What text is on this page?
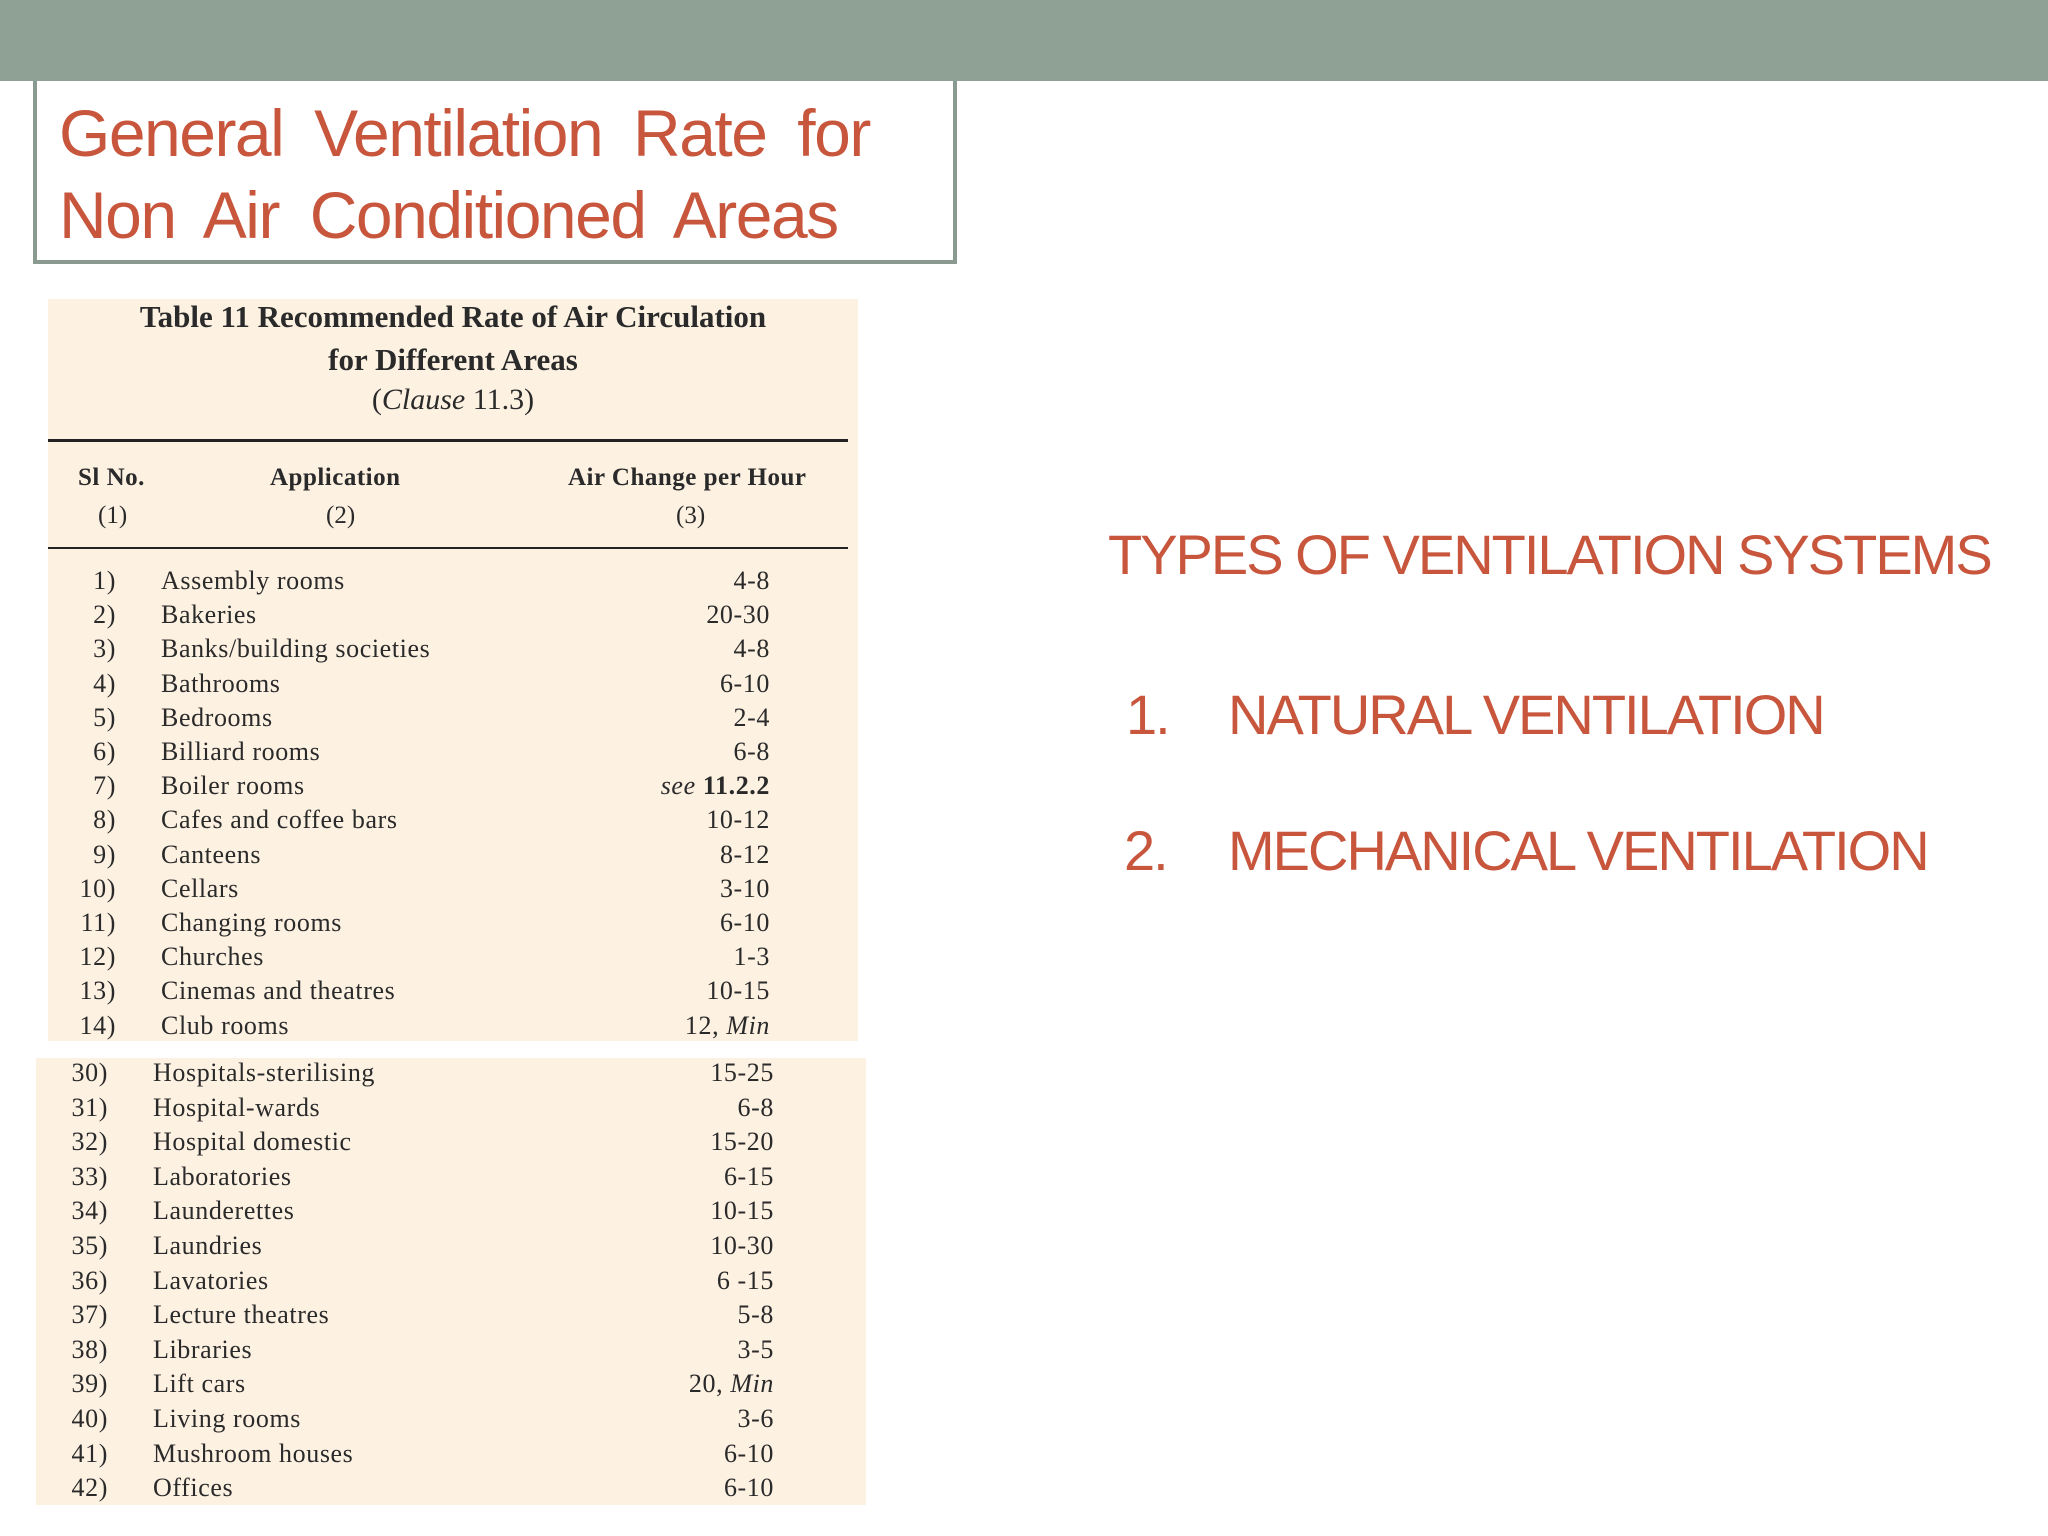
General Ventilation Rate for
Non Air Conditioned Areas
Table 11 Recommended Rate of Air Circulation
for Different Areas
(Clause 11.3)
Sl No.	Application	Air Change per Hour
(1)	(2)	(3)
1) Assembly rooms	4-8
2) Bakeries	20-30
3) Banks/building societies	4-8
4) Bathrooms	6-10
5) Bedrooms	2-4
6) Billiard rooms	6-8
7) Boiler rooms	see 11.2.2
8) Cafes and coffee bars	10-12
9) Canteens	8-12
10) Cellars	3-10
11) Changing rooms	6-10
12) Churches	1-3
13) Cinemas and theatres	10-15
14) Club rooms	12, Min
30) Hospitals-sterilising	15-25
31) Hospital-wards	6-8
32) Hospital domestic	15-20
33) Laboratories	6-15
34) Launderettes	10-15
35) Laundries	10-30
36) Lavatories	6 -15
37) Lecture theatres	5-8
38) Libraries	3-5
39) Lift cars	20, Min
40) Living rooms	3-6
41) Mushroom houses	6-10
42) Offices	6-10
TYPES OF VENTILATION SYSTEMS
1. NATURAL VENTILATION
2. MECHANICAL VENTILATION
